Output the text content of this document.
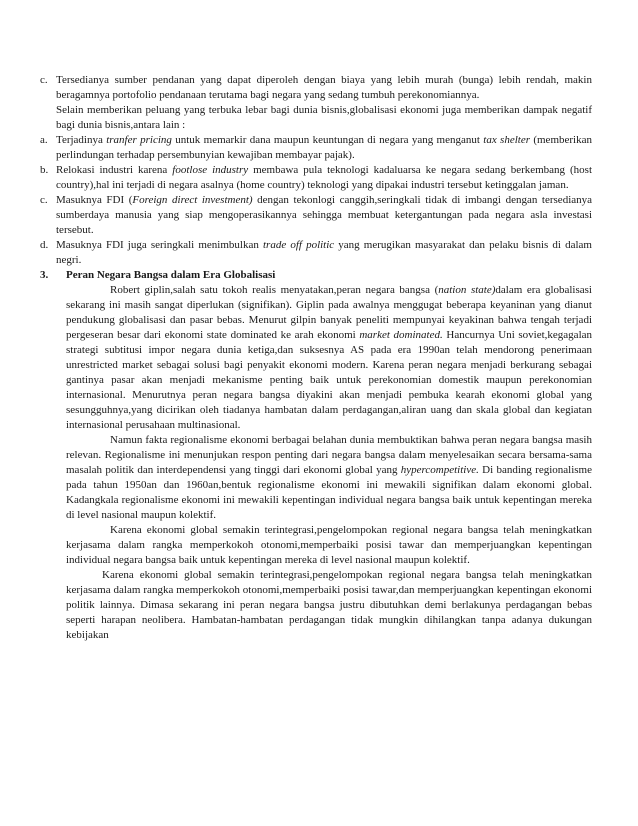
c. Tersedianya sumber pendanan yang dapat diperoleh dengan biaya yang lebih murah (bunga) lebih rendah, makin beragamnya portofolio pendanaan terutama bagi negara yang sedang tumbuh perekonomiannya.
Selain memberikan peluang yang terbuka lebar bagi dunia bisnis,globalisasi ekonomi juga memberikan dampak negatif bagi dunia bisnis,antara lain :
a. Terjadinya tranfer pricing untuk memarkir dana maupun keuntungan di negara yang menganut tax shelter (memberikan perlindungan terhadap persembunyian kewajiban membayar pajak).
b. Relokasi industri karena footlose industry membawa pula teknologi kadaluarsa ke negara sedang berkembang (host country),hal ini terjadi di negara asalnya (home country) teknologi yang dipakai industri tersebut ketinggalan jaman.
c. Masuknya FDI (Foreign direct investment) dengan tekonlogi canggih,seringkali tidak di imbangi dengan tersedianya sumberdaya manusia yang siap mengoperasikannya sehingga membuat ketergantungan pada negara asla investasi tersebut.
d. Masuknya FDI juga seringkali menimbulkan trade off politic yang merugikan masyarakat dan pelaku bisnis di dalam negri.
3.	Peran Negara Bangsa dalam Era Globalisasi
Robert giplin,salah satu tokoh realis menyatakan,peran negara bangsa (nation state)dalam era globalisasi sekarang ini masih sangat diperlukan (signifikan). Giplin pada awalnya menggugat beberapa keyaninan yang dianut pendukung globalisasi dan pasar bebas. Menurut gilpin banyak peneliti mempunyai keyakinan bahwa tengah terjadi pergeseran besar dari ekonomi state dominated ke arah ekonomi market dominated. Hancurnya Uni soviet,kegagalan strategi subtitusi impor negara dunia ketiga,dan suksesnya AS pada era 1990an telah mendorong penerimaan unrestricted market sebagai solusi bagi penyakit ekonomi modern. Karena peran negara menjadi berkurang sebagai gantinya pasar akan menjadi mekanisme penting baik untuk perekonomian domestik maupun perekonomian internasional. Menurutnya peran negara bangsa diyakini akan menjadi pembuka kearah ekonomi global yang sesungguhnya,yang dicirikan oleh tiadanya hambatan dalam perdagangan,aliran uang dan skala global dan kegiatan internasional perusahaan multinasional.
Namun fakta regionalisme ekonomi berbagai belahan dunia membuktikan bahwa peran negara bangsa masih relevan. Regionalisme ini menunjukan respon penting dari negara bangsa dalam menyelesaikan secara bersama-sama masalah politik dan interdependensi yang tinggi dari ekonomi global yang hypercompetitive. Di banding regionalisme pada tahun 1950an dan 1960an,bentuk regionalisme ekonomi ini mewakili signifikan dalam ekonomi global. Kadangkala regionalisme ekonomi ini mewakili kepentingan individual negara bangsa baik untuk kepentingan mereka di level nasional maupun kolektif.
Karena ekonomi global semakin terintegrasi,pengelompokan regional negara bangsa telah meningkatkan kerjasama dalam rangka memperkokoh otonomi,memperbaiki posisi tawar dan memperjuangkan kepentingan individual negara bangsa baik untuk kepentingan mereka di level nasional maupun kolektif.
Karena ekonomi global semakin terintegrasi,pengelompokan regional negara bangsa telah meningkatkan kerjasama dalam rangka memperkokoh otonomi,memperbaiki posisi tawar,dan memperjuangkan kepentingan ekonomi politik lainnya. Dimasa sekarang ini peran negara bangsa justru dibutuhkan demi berlakunya perdagangan bebas seperti harapan neolibera. Hambatan-hambatan perdagangan tidak mungkin dihilangkan tanpa adanya dukungan kebijakan
